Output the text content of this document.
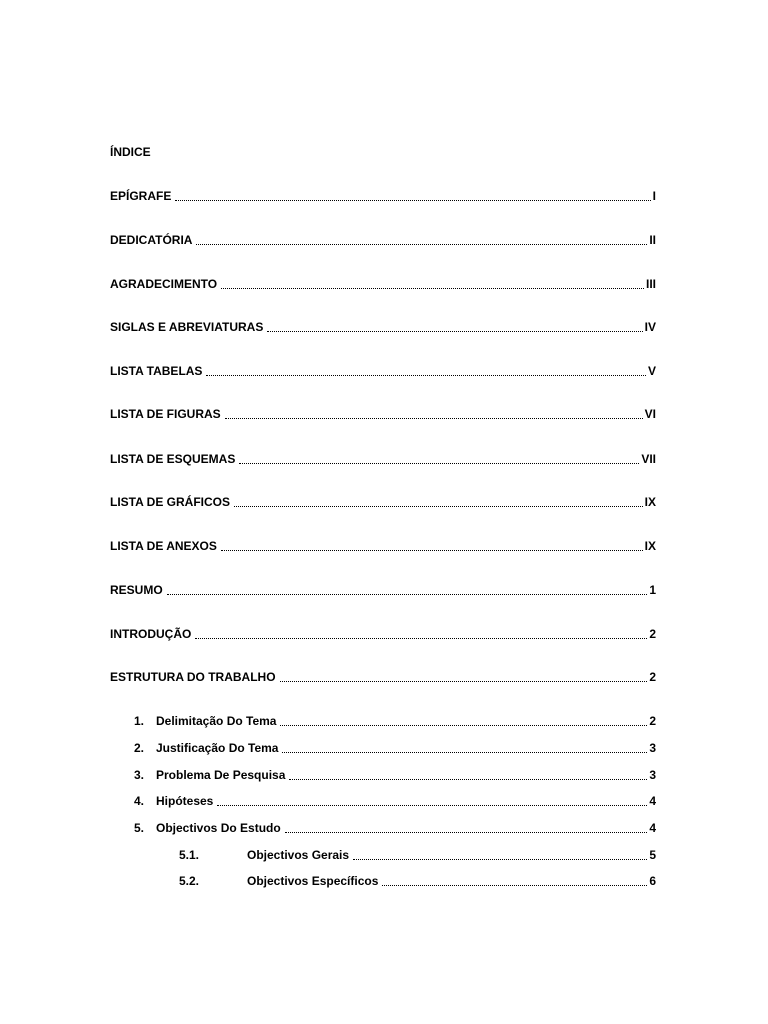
ÍNDICE
EPÍGRAFE	I
DEDICATÓRIA	II
AGRADECIMENTO	III
SIGLAS E ABREVIATURAS	IV
LISTA TABELAS	V
LISTA DE FIGURAS	VI
LISTA DE ESQUEMAS	VII
LISTA DE GRÁFICOS	IX
LISTA DE ANEXOS	IX
RESUMO	1
INTRODUÇÃO	2
ESTRUTURA DO TRABALHO	2
1. Delimitação Do Tema	2
2. Justificação Do Tema	3
3. Problema De Pesquisa	3
4. Hipóteses	4
5. Objectivos Do Estudo	4
5.1.	Objectivos Gerais	5
5.2.	Objectivos Específicos	6
